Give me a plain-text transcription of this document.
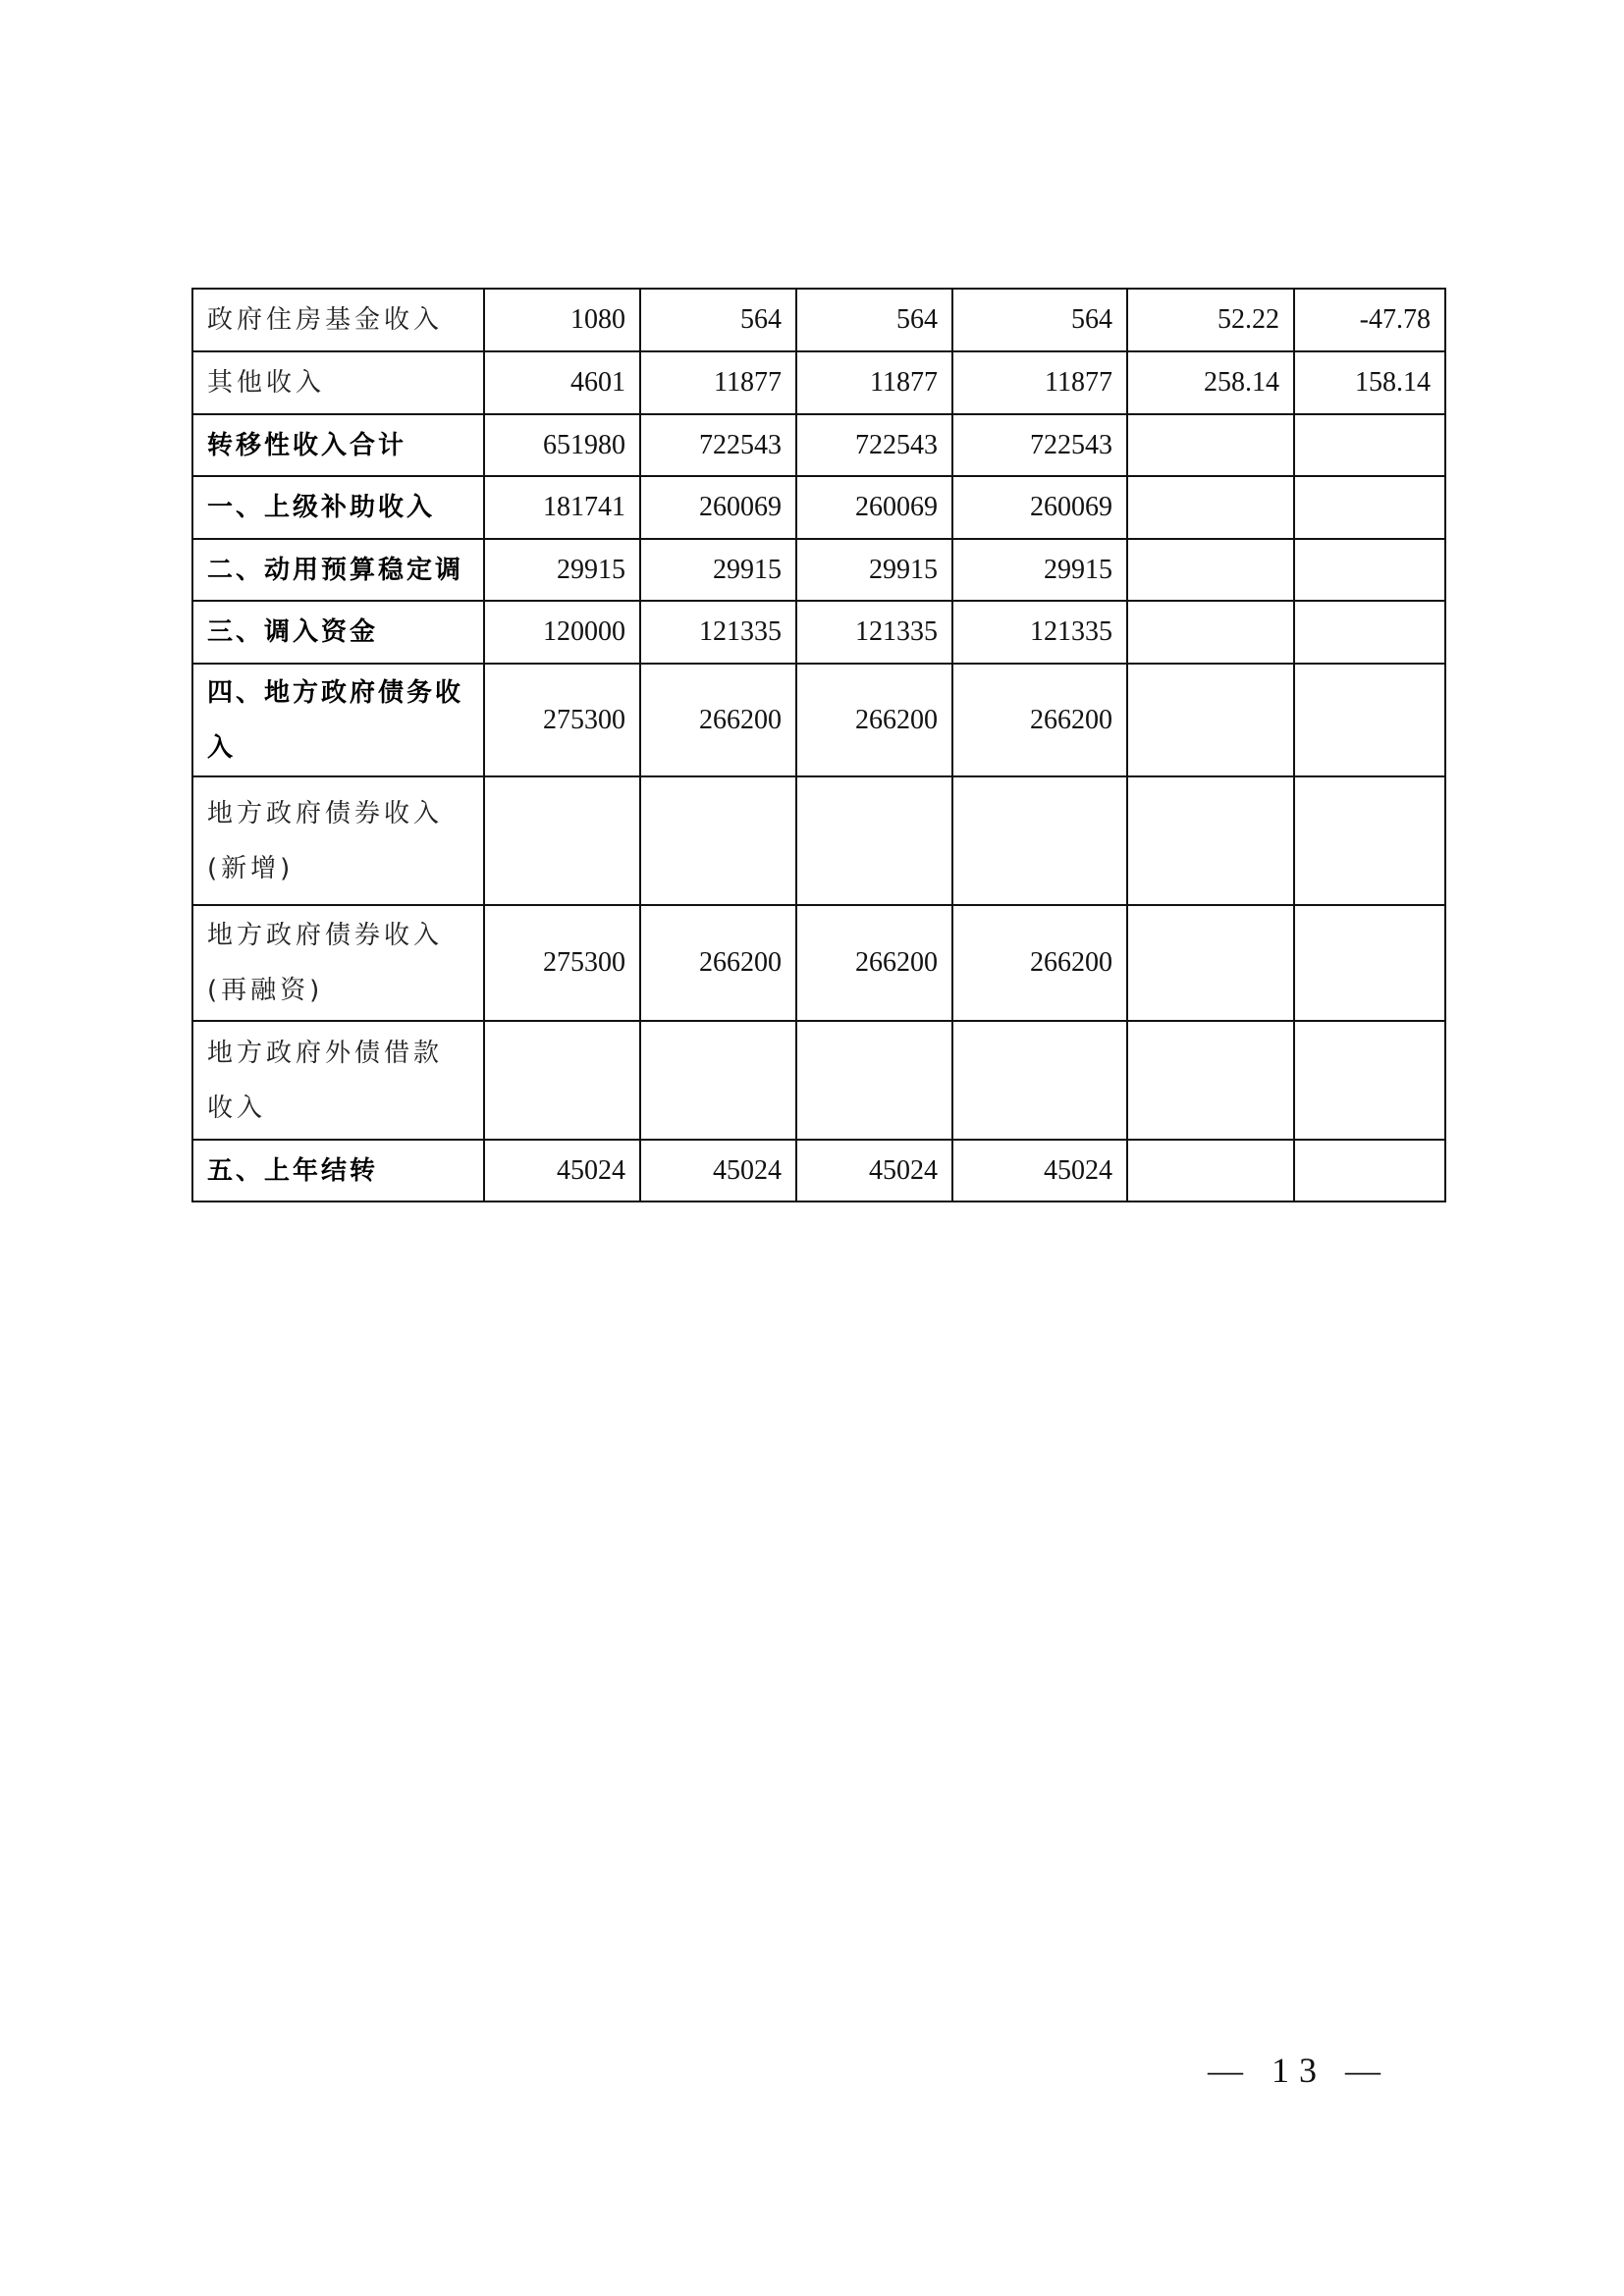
政府住房基金收入	1080	564	564	564	52.22	-47.78
其他收入	4601	11877	11877	11877	258.14	158.14
转移性收入合计	651980	722543	722543	722543		
一、上级补助收入	181741	260069	260069	260069		
二、动用预算稳定调	29915	29915	29915	29915		
三、调入资金	120000	121335	121335	121335		
四、地方政府债务收入	275300	266200	266200	266200		
地方政府债券收入(新增)						
地方政府债券收入(再融资)	275300	266200	266200	266200		
地方政府外债借款收入						
五、上年结转	45024	45024	45024	45024		
— 13 —
